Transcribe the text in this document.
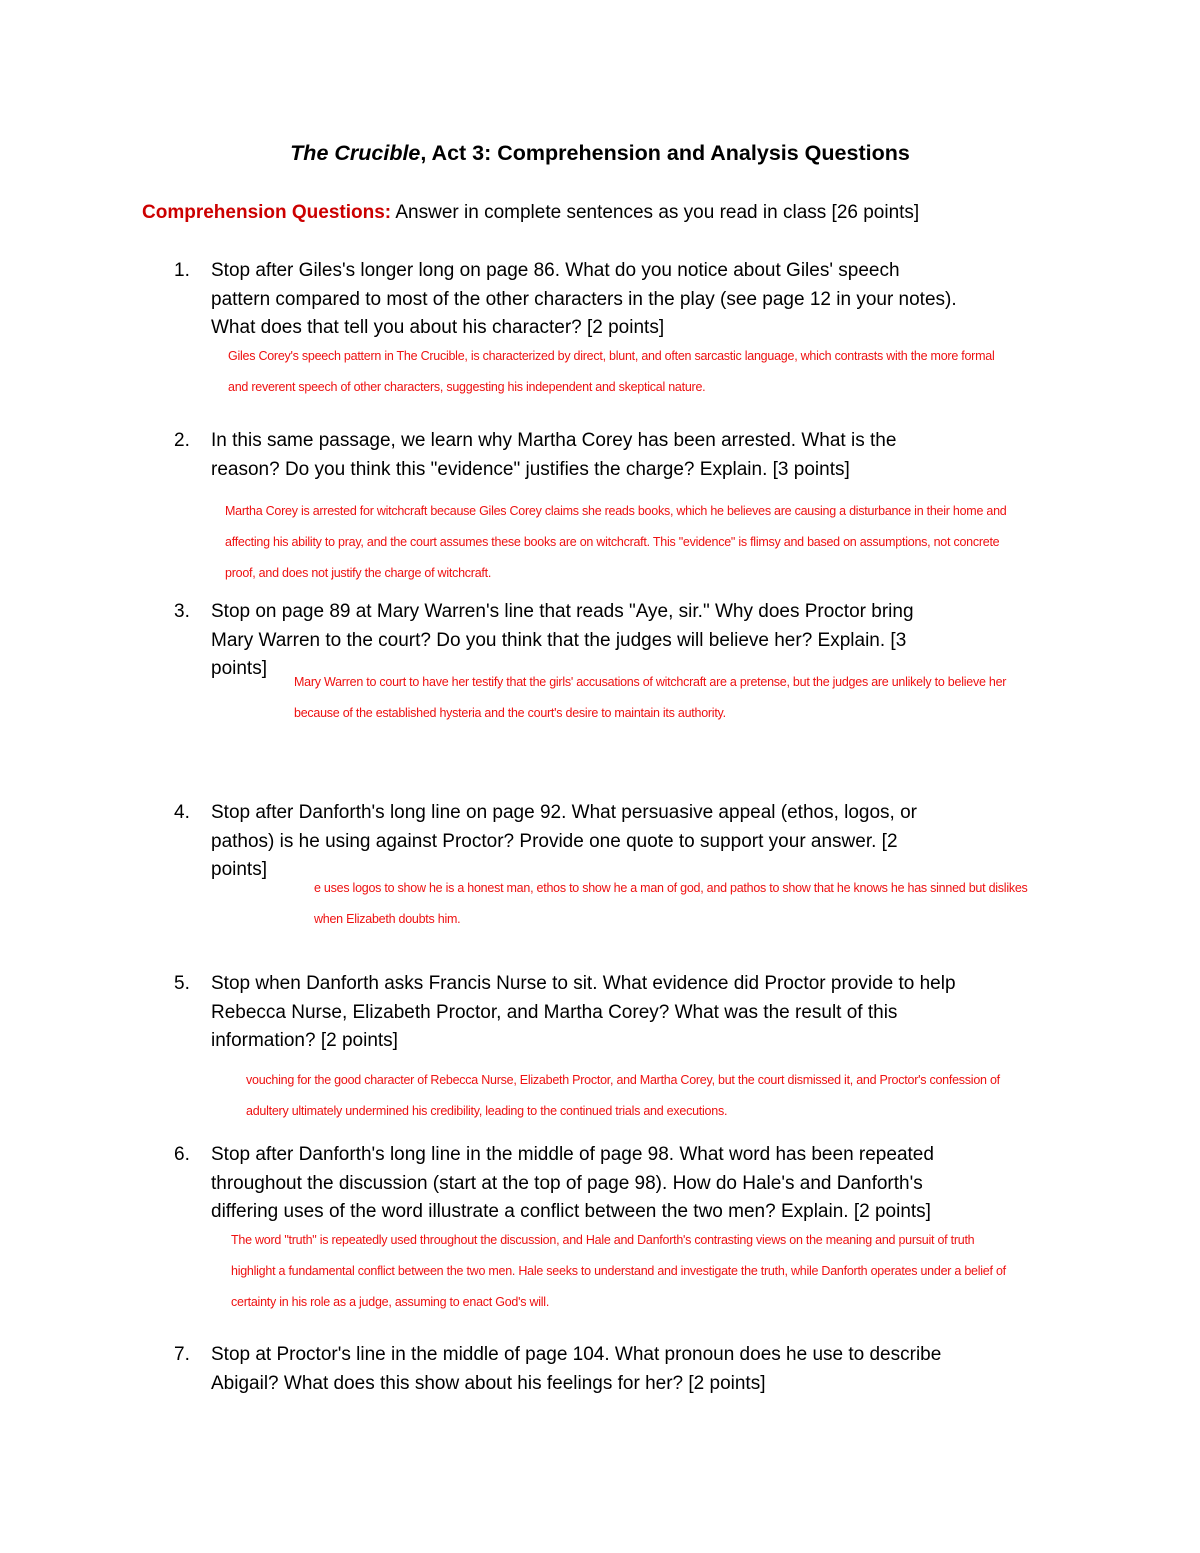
The Crucible, Act 3: Comprehension and Analysis Questions
Comprehension Questions: Answer in complete sentences as you read in class [26 points]
1. Stop after Giles's longer long on page 86. What do you notice about Giles' speech
pattern compared to most of the other characters in the play (see page 12 in your notes).
What does that tell you about his character? [2 points]
Giles Corey's speech pattern in The Crucible, is characterized by direct, blunt, and often sarcastic language, which contrasts with the more formal
and reverent speech of other characters, suggesting his independent and skeptical nature.
2. In this same passage, we learn why Martha Corey has been arrested. What is the
reason? Do you think this "evidence" justifies the charge? Explain. [3 points]
Martha Corey is arrested for witchcraft because Giles Corey claims she reads books, which he believes are causing a disturbance in their home and
affecting his ability to pray, and the court assumes these books are on witchcraft. This "evidence" is flimsy and based on assumptions, not concrete
proof, and does not justify the charge of witchcraft.
3. Stop on page 89 at Mary Warren's line that reads "Aye, sir." Why does Proctor bring
Mary Warren to the court? Do you think that the judges will believe her? Explain. [3
points]
Mary Warren to court to have her testify that the girls' accusations of witchcraft are a pretense, but the judges are unlikely to believe her
because of the established hysteria and the court's desire to maintain its authority.
4. Stop after Danforth's long line on page 92. What persuasive appeal (ethos, logos, or
pathos) is he using against Proctor? Provide one quote to support your answer. [2
points]
e uses logos to show he is a honest man, ethos to show he a man of god, and pathos to show that he knows he has sinned but dislikes
when Elizabeth doubts him.
5. Stop when Danforth asks Francis Nurse to sit. What evidence did Proctor provide to help
Rebecca Nurse, Elizabeth Proctor, and Martha Corey? What was the result of this
information? [2 points]
vouching for the good character of Rebecca Nurse, Elizabeth Proctor, and Martha Corey, but the court dismissed it, and Proctor's confession of
adultery ultimately undermined his credibility, leading to the continued trials and executions.
6. Stop after Danforth's long line in the middle of page 98. What word has been repeated
throughout the discussion (start at the top of page 98). How do Hale's and Danforth's
differing uses of the word illustrate a conflict between the two men? Explain. [2 points]
The word "truth" is repeatedly used throughout the discussion, and Hale and Danforth's contrasting views on the meaning and pursuit of truth
highlight a fundamental conflict between the two men. Hale seeks to understand and investigate the truth, while Danforth operates under a belief of
certainty in his role as a judge, assuming to enact God's will.
7. Stop at Proctor's line in the middle of page 104. What pronoun does he use to describe
Abigail? What does this show about his feelings for her? [2 points]
